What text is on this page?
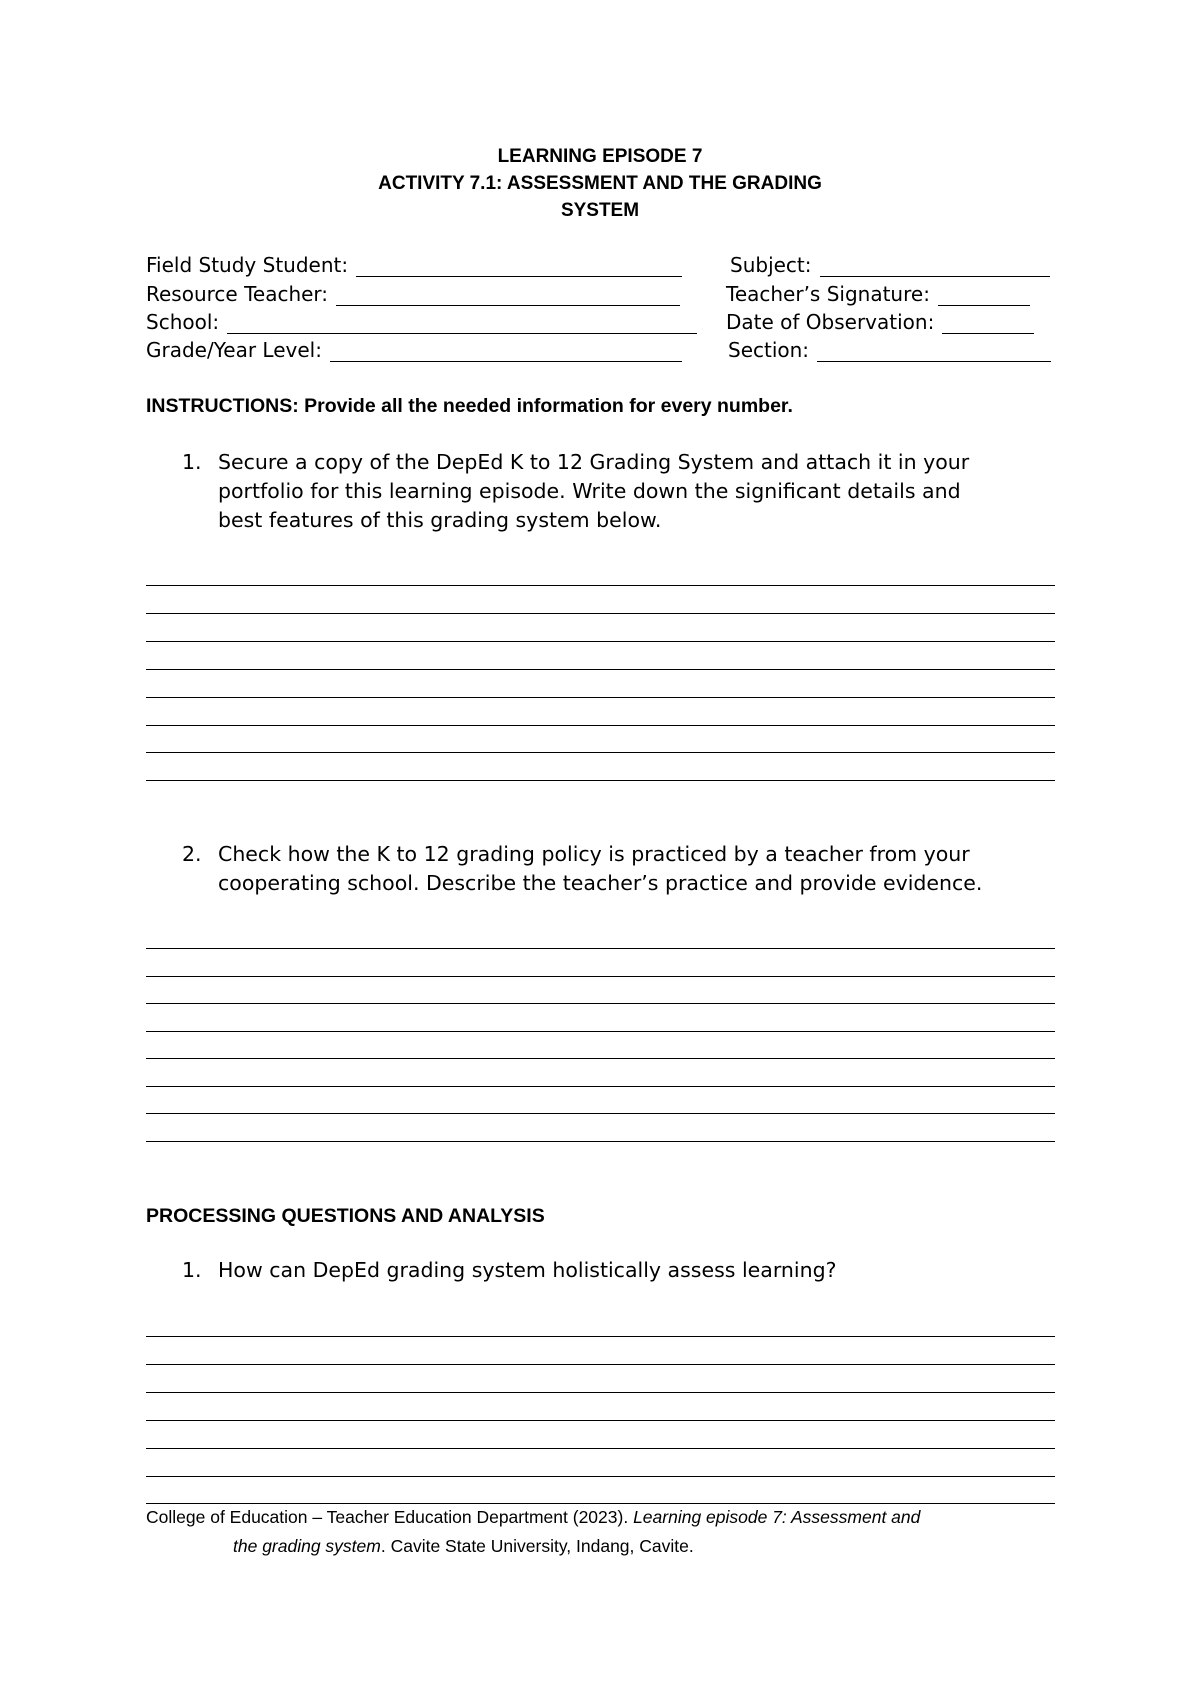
LEARNING EPISODE 7
ACTIVITY 7.1: ASSESSMENT AND THE GRADING
SYSTEM
Field Study Student:	Subject:
Resource Teacher:	Teacher’s Signature:
School:	Date of Observation:
Grade/Year Level:	Section:
INSTRUCTIONS: Provide all the needed information for every number.
1. Secure a copy of the DepEd K to 12 Grading System and attach it in your
portfolio for this learning episode. Write down the significant details and
best features of this grading system below.
2. Check how the K to 12 grading policy is practiced by a teacher from your
cooperating school. Describe the teacher’s practice and provide evidence.
PROCESSING QUESTIONS AND ANALYSIS
1. How can DepEd grading system holistically assess learning?
College of Education – Teacher Education Department (2023). Learning episode 7: Assessment and
the grading system. Cavite State University, Indang, Cavite.
